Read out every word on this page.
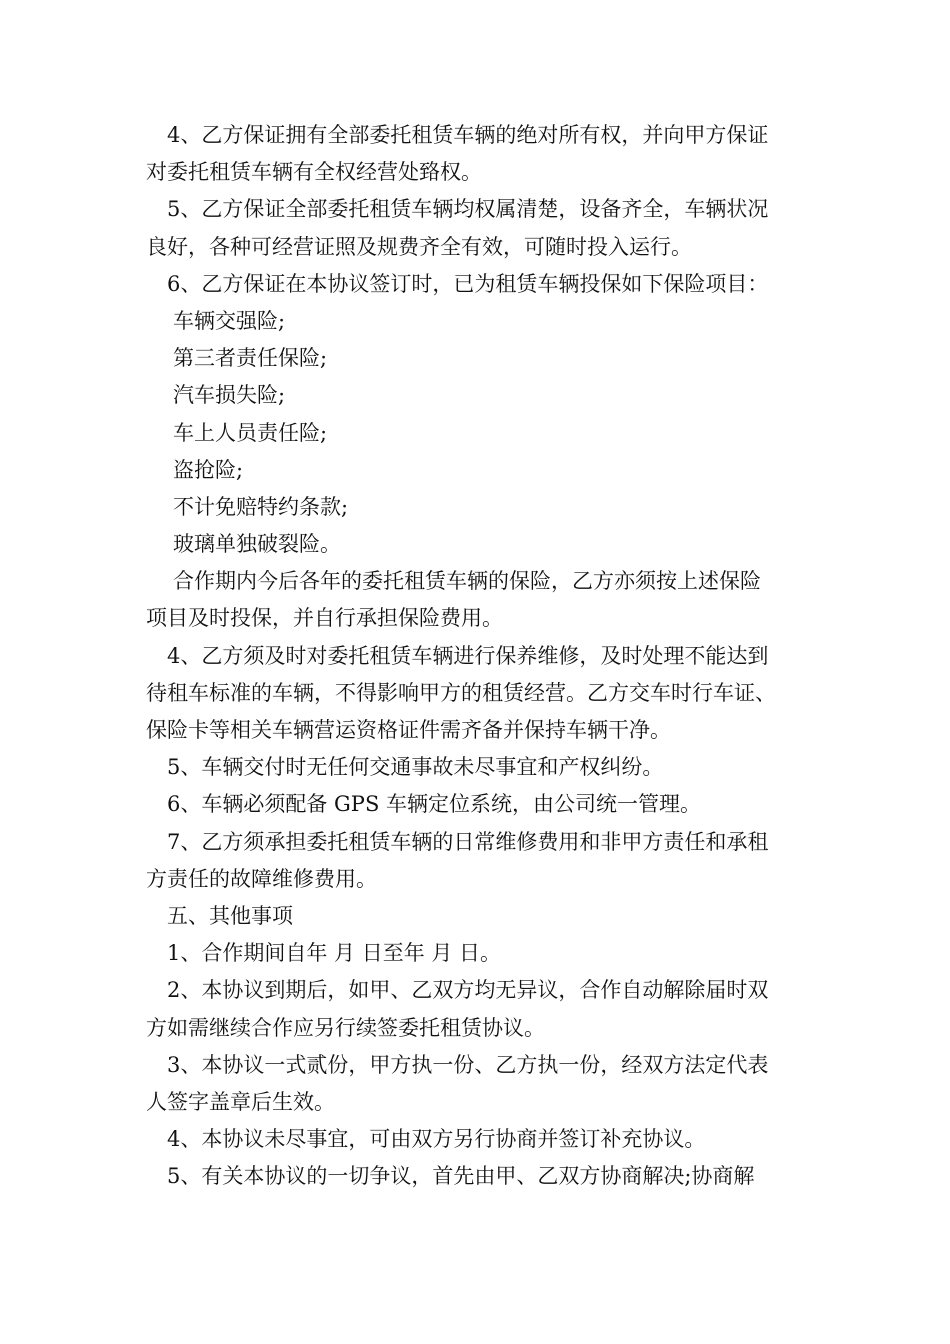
4、乙方保证拥有全部委托租赁车辆的绝对所有权，并向甲方保证
对委托租赁车辆有全权经营处臵权。
5、乙方保证全部委托租赁车辆均权属清楚，设备齐全，车辆状况
良好，各种可经营证照及规费齐全有效，可随时投入运行。
6、乙方保证在本协议签订时，已为租赁车辆投保如下保险项目：
车辆交强险;
第三者责任保险;
汽车损失险;
车上人员责任险;
盗抢险;
不计免赔特约条款;
玻璃单独破裂险。
合作期内今后各年的委托租赁车辆的保险，乙方亦须按上述保险
项目及时投保，并自行承担保险费用。
4、乙方须及时对委托租赁车辆进行保养维修，及时处理不能达到
待租车标准的车辆，不得影响甲方的租赁经营。乙方交车时行车证、
保险卡等相关车辆营运资格证件需齐备并保持车辆干净。
5、车辆交付时无任何交通事故未尽事宜和产权纠纷。
6、车辆必须配备 GPS 车辆定位系统，由公司统一管理。
7、乙方须承担委托租赁车辆的日常维修费用和非甲方责任和承租
方责任的故障维修费用。
五、其他事项
1、合作期间自年 月 日至年 月 日。
2、本协议到期后，如甲、乙双方均无异议，合作自动解除届时双
方如需继续合作应另行续签委托租赁协议。
3、本协议一式贰份，甲方执一份、乙方执一份，经双方法定代表
人签字盖章后生效。
4、本协议未尽事宜，可由双方另行协商并签订补充协议。
5、有关本协议的一切争议，首先由甲、乙双方协商解决;协商解
